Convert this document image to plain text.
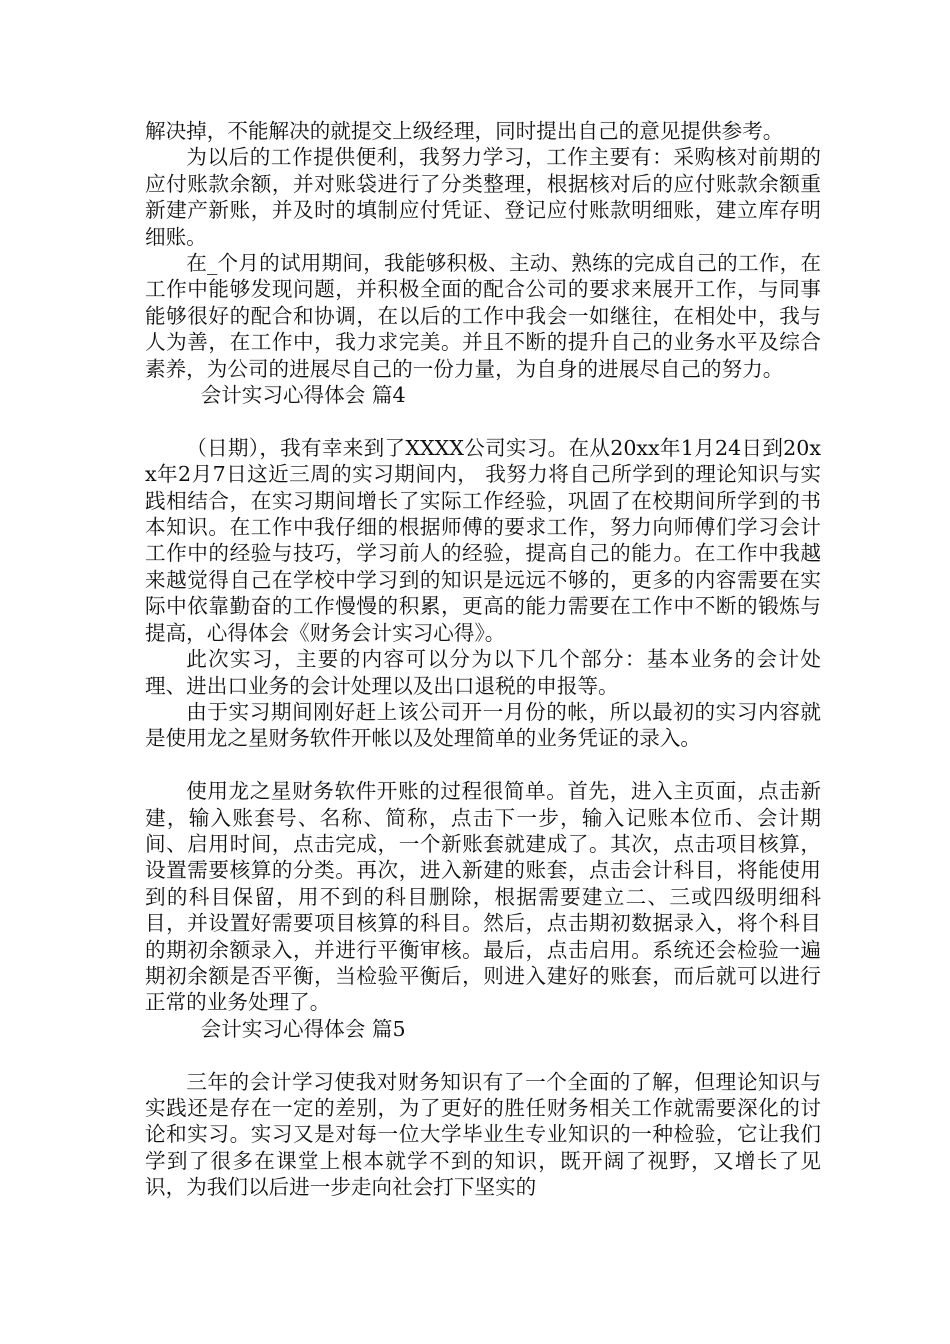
解决掉，不能解决的就提交上级经理，同时提出自己的意见提供参考。

为以后的工作提供便利，我努力学习，工作主要有：采购核对前期的应付账款余额，并对账袋进行了分类整理，根据核对后的应付账款余额重新建产新账，并及时的填制应付凭证、登记应付账款明细账，建立库存明细账。

在_个月的试用期间，我能够积极、主动、熟练的完成自己的工作，在工作中能够发现问题，并积极全面的配合公司的要求来展开工作，与同事能够很好的配合和协调，在以后的工作中我会一如继往，在相处中，我与人为善，在工作中，我力求完美。并且不断的提升自己的业务水平及综合素养，为公司的进展尽自己的一份力量，为自身的进展尽自己的努力。

会计实习心得体会 篇4

（日期），我有幸来到了XXXX公司实习。在从20xx年1月24日到20xx年2月7日这近三周的实习期间内， 我努力将自己所学到的理论知识与实践相结合，在实习期间增长了实际工作经验，巩固了在校期间所学到的书本知识。在工作中我仔细的根据师傅的要求工作，努力向师傅们学习会计工作中的经验与技巧，学习前人的经验，提高自己的能力。在工作中我越来越觉得自己在学校中学习到的知识是远远不够的，更多的内容需要在实际中依靠勤奋的工作慢慢的积累，更高的能力需要在工作中不断的锻炼与提高，心得体会《财务会计实习心得》。

此次实习，主要的内容可以分为以下几个部分：基本业务的会计处理、进出口业务的会计处理以及出口退税的申报等。

由于实习期间刚好赶上该公司开一月份的帐，所以最初的实习内容就是使用龙之星财务软件开帐以及处理简单的业务凭证的录入。

使用龙之星财务软件开账的过程很简单。首先，进入主页面，点击新建，输入账套号、名称、简称，点击下一步，输入记账本位币、会计期间、启用时间，点击完成，一个新账套就建成了。其次，点击项目核算，设置需要核算的分类。再次，进入新建的账套，点击会计科目，将能使用到的科目保留，用不到的科目删除，根据需要建立二、三或四级明细科目，并设置好需要项目核算的科目。然后，点击期初数据录入，将个科目的期初余额录入，并进行平衡审核。最后，点击启用。系统还会检验一遍期初余额是否平衡，当检验平衡后，则进入建好的账套，而后就可以进行正常的业务处理了。

会计实习心得体会 篇5

三年的会计学习使我对财务知识有了一个全面的了解，但理论知识与实践还是存在一定的差别，为了更好的胜任财务相关工作就需要深化的讨论和实习。实习又是对每一位大学毕业生专业知识的一种检验，它让我们学到了很多在课堂上根本就学不到的知识，既开阔了视野，又增长了见识，为我们以后进一步走向社会打下坚实的
